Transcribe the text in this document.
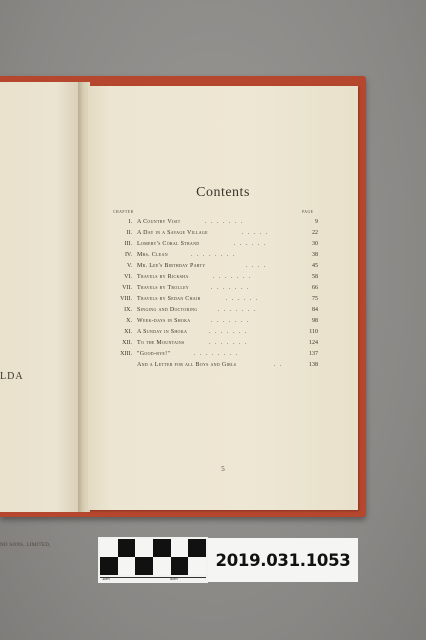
LDA
ND SONS, LIMITED,
Contents
CHAPTER	PAGE
I. A Country Visit	.......	9
II. A Day in a Savage Village	.....	22
III. Lomery's Coral Strand	......	30
IV. Mrs. Clean	........	38
V. Mr. Lee's Birthday Party	....	45
VI. Travels by Ricksha	.......	58
VII. Travels by Trolley	.......	66
VIII. Travels by Sedan Chair	......	75
IX. Singing and Doctoring	.......	84
X. Week-days in Shoka	.......	98
XI. A Sunday in Shoka	.......	110
XII. To the Mountains	.......	124
XIII. "Good-bye!"	........	137
And a Letter for all Boys and Girls	..	138
5
1cm	5cm
2019.031.1053
